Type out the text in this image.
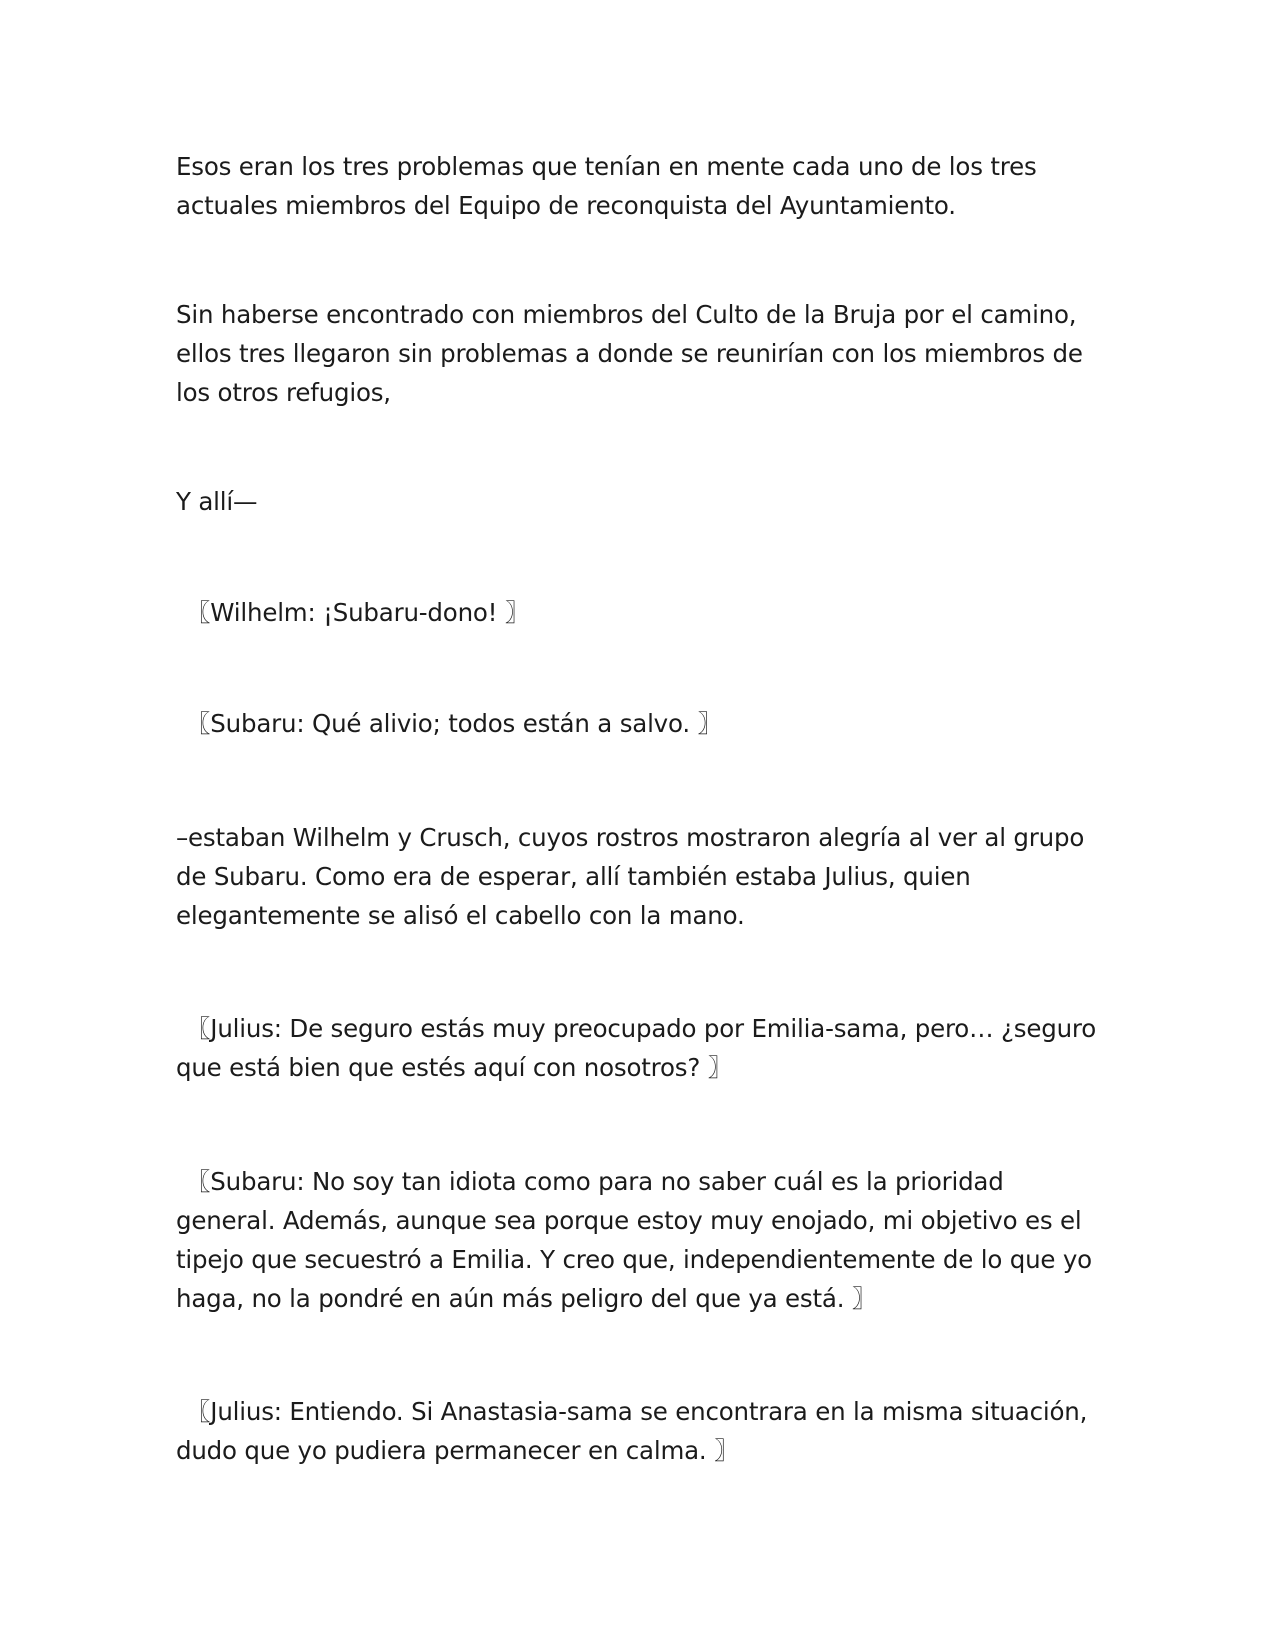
Esos eran los tres problemas que tenían en mente cada uno de los tres actuales miembros del Equipo de reconquista del Ayuntamiento.

Sin haberse encontrado con miembros del Culto de la Bruja por el camino, ellos tres llegaron sin problemas a donde se reunirían con los miembros de los otros refugios,

Y allí—

〖Wilhelm: ¡Subaru-dono! 〗

〖Subaru: Qué alivio; todos están a salvo. 〗

–estaban Wilhelm y Crusch, cuyos rostros mostraron alegría al ver al grupo de Subaru. Como era de esperar, allí también estaba Julius, quien elegantemente se alisó el cabello con la mano.

〖Julius: De seguro estás muy preocupado por Emilia-sama, pero… ¿seguro que está bien que estés aquí con nosotros? 〗

〖Subaru: No soy tan idiota como para no saber cuál es la prioridad general. Además, aunque sea porque estoy muy enojado, mi objetivo es el tipejo que secuestró a Emilia. Y creo que, independientemente de lo que yo haga, no la pondré en aún más peligro del que ya está. 〗

〖Julius: Entiendo. Si Anastasia-sama se encontrara en la misma situación, dudo que yo pudiera permanecer en calma. 〗
